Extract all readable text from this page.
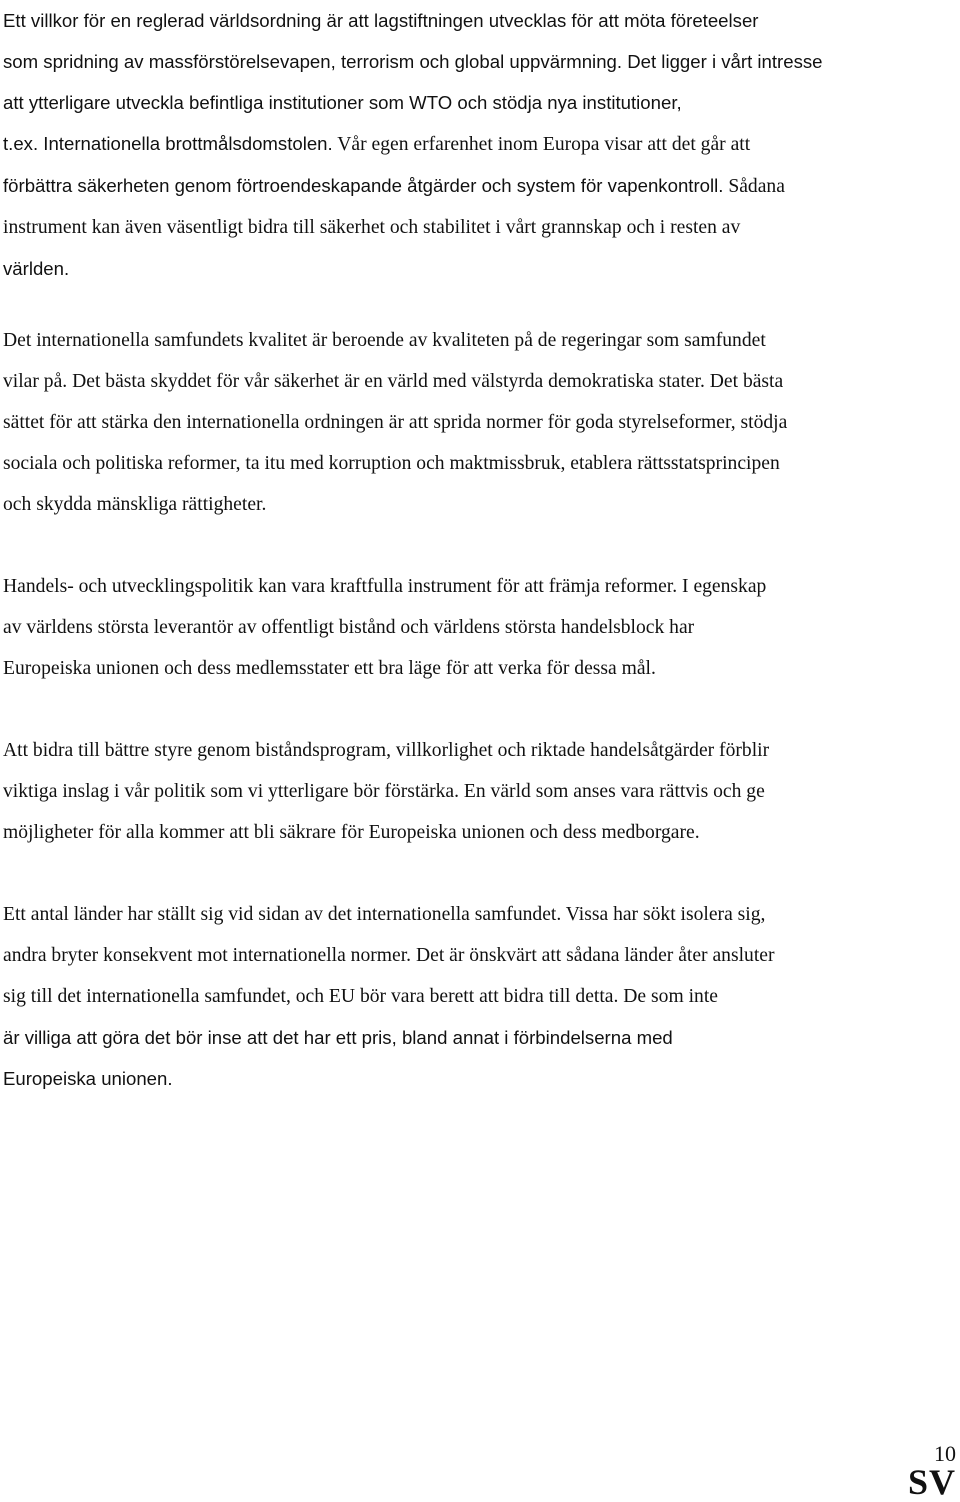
Ett villkor för en reglerad världsordning är att lagstiftningen utvecklas för att möta företeelser
som spridning av massförstörelsevapen, terrorism och global uppvärmning. Det ligger i vårt intresse
att ytterligare utveckla befintliga institutioner som WTO och stödja nya institutioner,
t.ex. Internationella brottmålsdomstolen. Vår egen erfarenhet inom Europa visar att det går att
förbättra säkerheten genom förtroendeskapande åtgärder och system för vapenkontroll. Sådana
instrument kan även väsentligt bidra till säkerhet och stabilitet i vårt grannskap och i resten av
världen.

Det internationella samfundets kvalitet är beroende av kvaliteten på de regeringar som samfundet
vilar på. Det bästa skyddet för vår säkerhet är en värld med välstyrda demokratiska stater. Det bästa
sättet för att stärka den internationella ordningen är att sprida normer för goda styrelseformer, stödja
sociala och politiska reformer, ta itu med korruption och maktmissbruk, etablera rättsstatsprincipen
och skydda mänskliga rättigheter.

Handels- och utvecklingspolitik kan vara kraftfulla instrument för att främja reformer. I egenskap
av världens största leverantör av offentligt bistånd och världens största handelsblock har
Europeiska unionen och dess medlemsstater ett bra läge för att verka för dessa mål.

Att bidra till bättre styre genom biståndsprogram, villkorlighet och riktade handelsåtgärder förblir
viktiga inslag i vår politik som vi ytterligare bör förstärka. En värld som anses vara rättvis och ge
möjligheter för alla kommer att bli säkrare för Europeiska unionen och dess medborgare.

Ett antal länder har ställt sig vid sidan av det internationella samfundet. Vissa har sökt isolera sig,
andra bryter konsekvent mot internationella normer. Det är önskvärt att sådana länder åter ansluter
sig till det internationella samfundet, och EU bör vara berett att bidra till detta. De som inte
är villiga att göra det bör inse att det har ett pris, bland annat i förbindelserna med
Europeiska unionen.

10
SV
